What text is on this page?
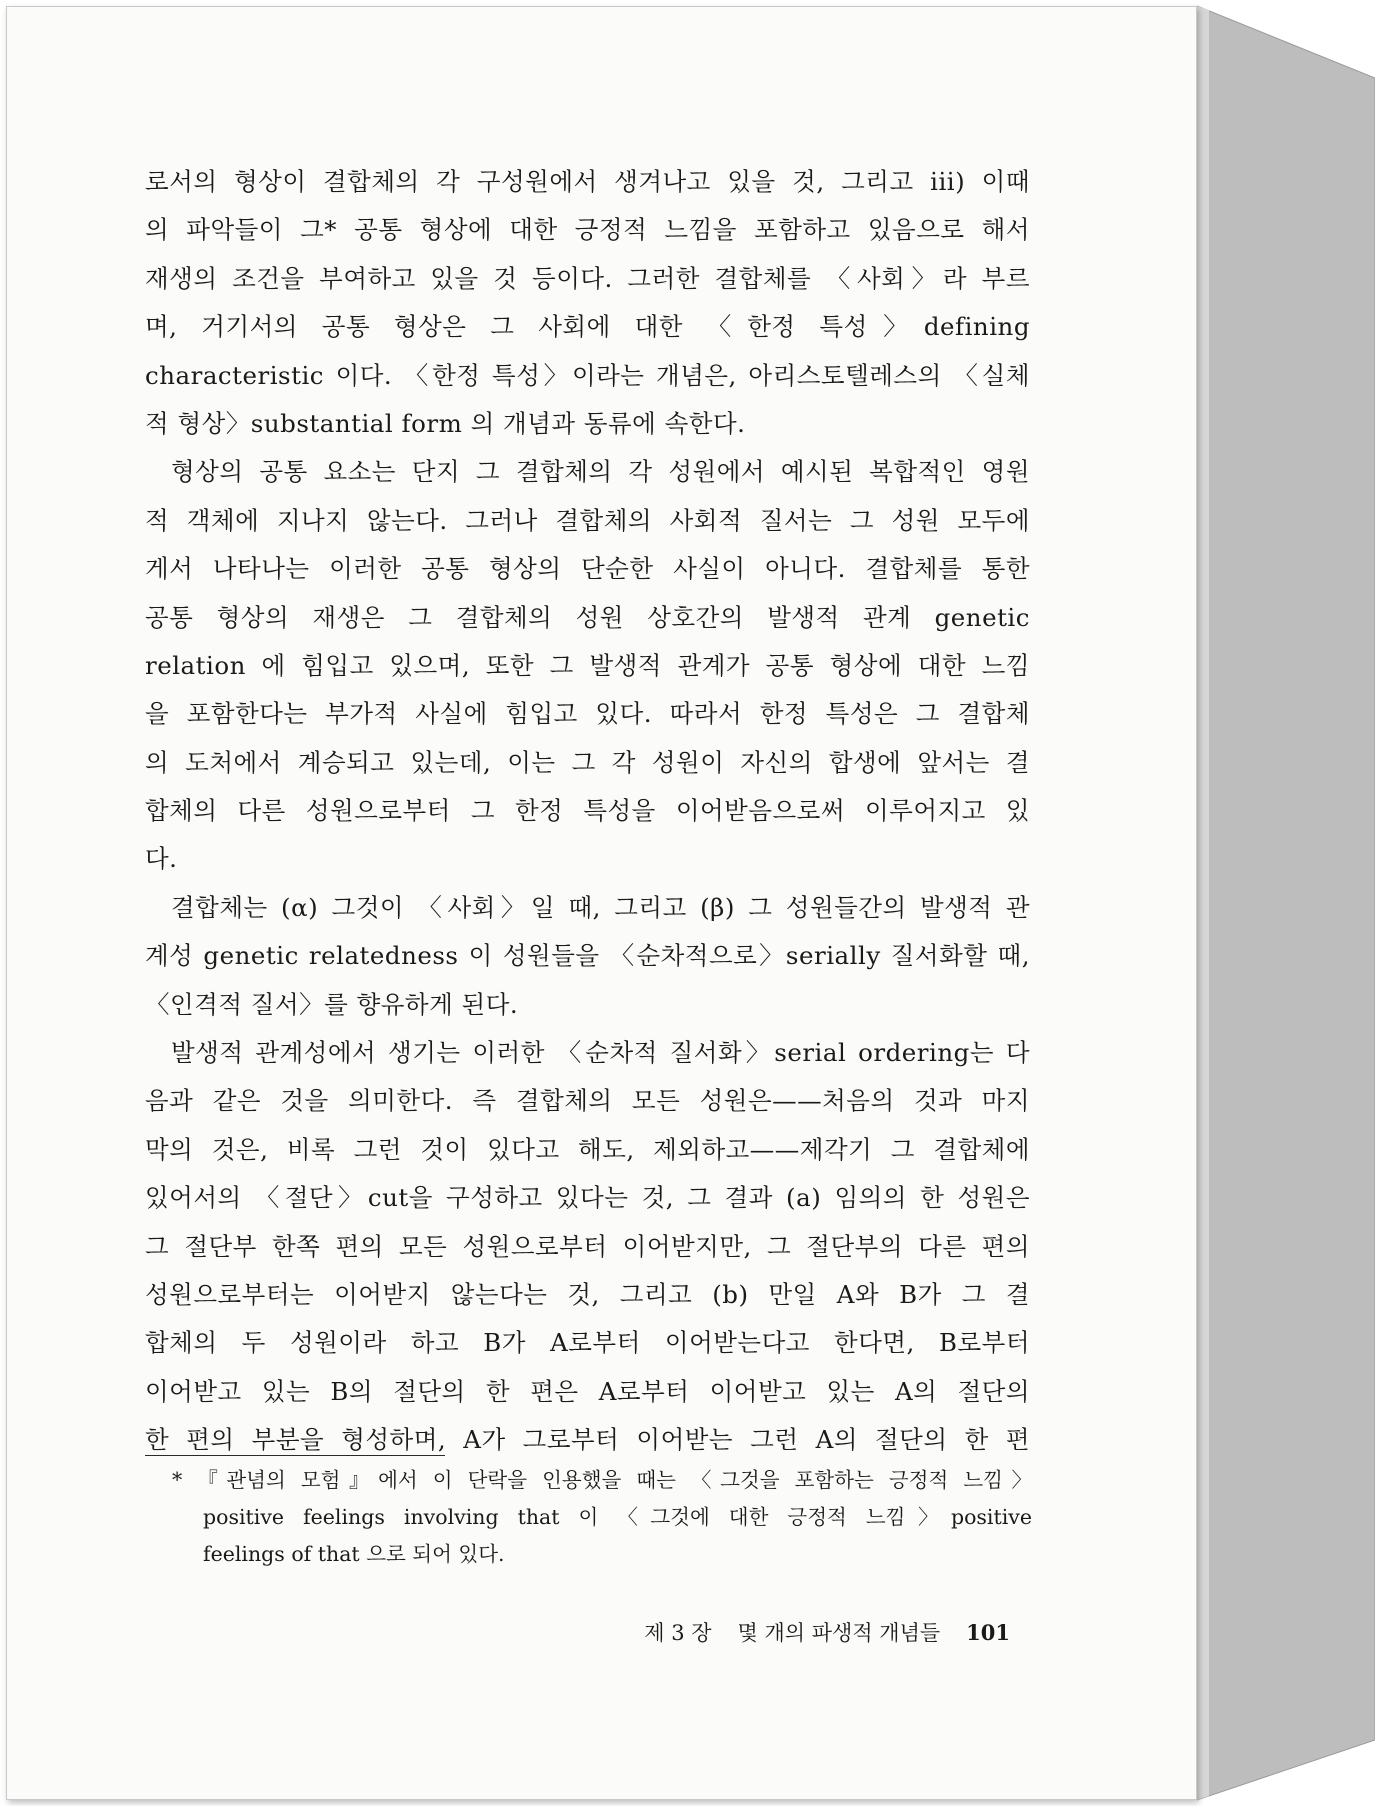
로서의 형상이 결합체의 각 구성원에서 생겨나고 있을 것, 그리고 iii) 이때
의 파악들이 그* 공통 형상에 대한 긍정적 느낌을 포함하고 있음으로 해서
재생의 조건을 부여하고 있을 것 등이다. 그러한 결합체를 〈사회〉라 부르
며, 거기서의 공통 형상은 그 사회에 대한 〈한정 특성〉defining
characteristic 이다. 〈한정 특성〉이라는 개념은, 아리스토텔레스의 〈실체
적 형상〉substantial form 의 개념과 동류에 속한다.
형상의 공통 요소는 단지 그 결합체의 각 성원에서 예시된 복합적인 영원
적 객체에 지나지 않는다. 그러나 결합체의 사회적 질서는 그 성원 모두에
게서 나타나는 이러한 공통 형상의 단순한 사실이 아니다. 결합체를 통한
공통 형상의 재생은 그 결합체의 성원 상호간의 발생적 관계 genetic
relation 에 힘입고 있으며, 또한 그 발생적 관계가 공통 형상에 대한 느낌
을 포함한다는 부가적 사실에 힘입고 있다. 따라서 한정 특성은 그 결합체
의 도처에서 계승되고 있는데, 이는 그 각 성원이 자신의 합생에 앞서는 결
합체의 다른 성원으로부터 그 한정 특성을 이어받음으로써 이루어지고 있
다.
결합체는 (α) 그것이 〈사회〉일 때, 그리고 (β) 그 성원들간의 발생적 관
계성 genetic relatedness 이 성원들을 〈순차적으로〉serially 질서화할 때,
〈인격적 질서〉를 향유하게 된다.
발생적 관계성에서 생기는 이러한 〈순차적 질서화〉serial ordering는 다
음과 같은 것을 의미한다. 즉 결합체의 모든 성원은——처음의 것과 마지
막의 것은, 비록 그런 것이 있다고 해도, 제외하고——제각기 그 결합체에
있어서의 〈절단〉cut을 구성하고 있다는 것, 그 결과 (a) 임의의 한 성원은
그 절단부 한쪽 편의 모든 성원으로부터 이어받지만, 그 절단부의 다른 편의
성원으로부터는 이어받지 않는다는 것, 그리고 (b) 만일 A와 B가 그 결
합체의 두 성원이라 하고 B가 A로부터 이어받는다고 한다면, B로부터
이어받고 있는 B의 절단의 한 편은 A로부터 이어받고 있는 A의 절단의
한 편의 부분을 형성하며, A가 그로부터 이어받는 그런 A의 절단의 한 편
* 『관념의 모험』에서 이 단락을 인용했을 때는 〈그것을 포함하는 긍정적 느낌〉
positive feelings involving that 이 〈그것에 대한 긍정적 느낌〉positive
feelings of that 으로 되어 있다.
제 3 장 몇 개의 파생적 개념들 101
